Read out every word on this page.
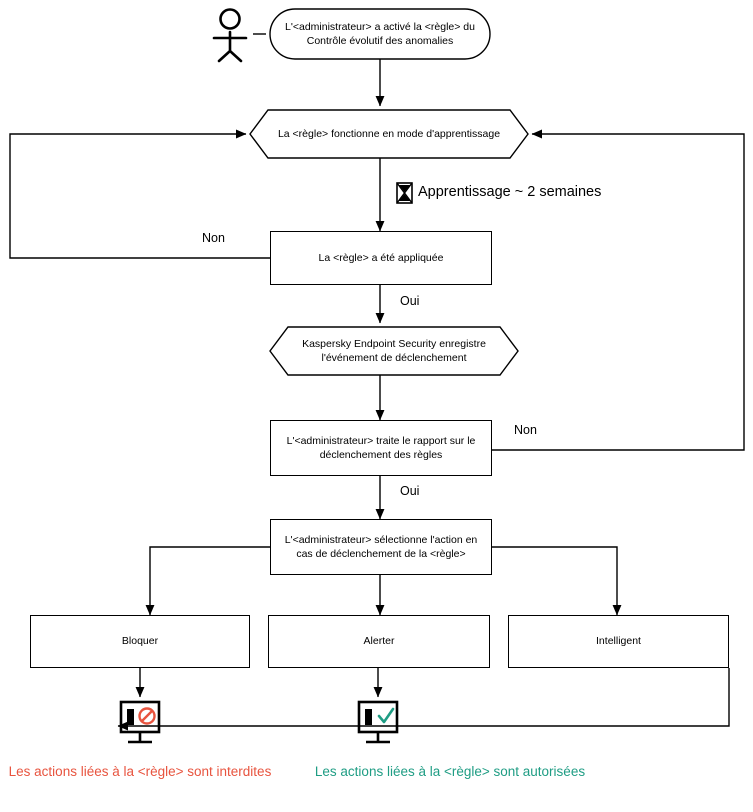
L'<administrateur> a activé la <règle> du Contrôle évolutif des anomalies
La <règle> fonctionne en mode d'apprentissage
La <règle> a été appliquée
Kaspersky Endpoint Security enregistre l'événement de déclenchement
L'<administrateur> traite le rapport sur le déclenchement des règles
L'<administrateur> sélectionne l'action en cas de déclenchement de la <règle>
Bloquer	Alerter	Intelligent
Non
Oui
Non
Oui
Apprentissage ~ 2 semaines
Les actions liées à la <règle> sont interdites	Les actions liées à la <règle> sont autorisées
